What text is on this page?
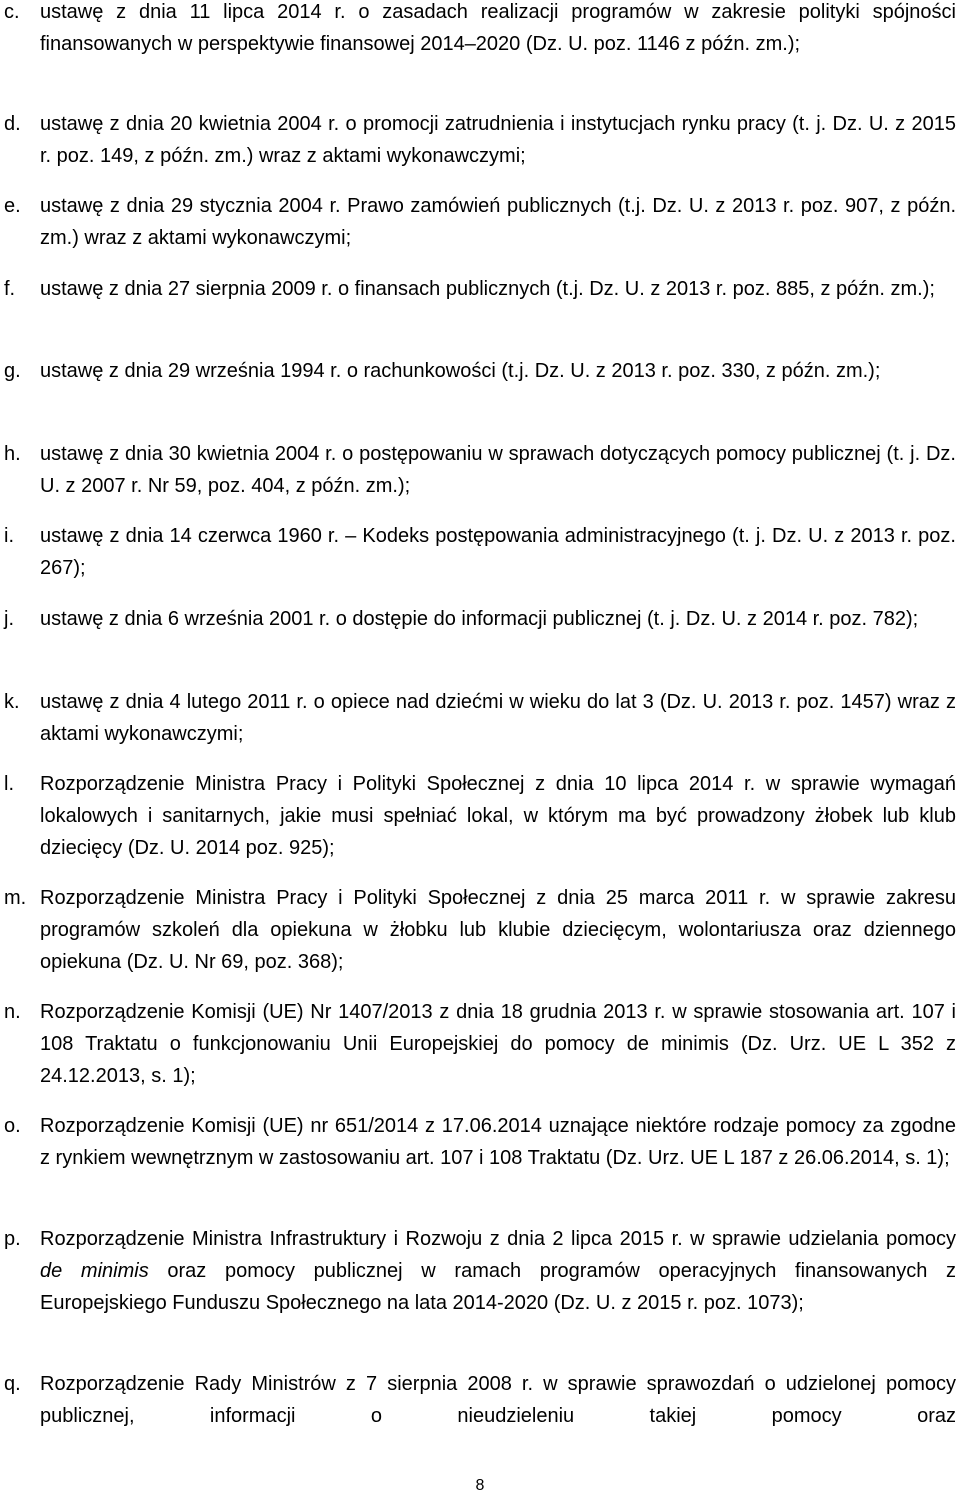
c. ustawę z dnia 11 lipca 2014 r. o zasadach realizacji programów w zakresie polityki spójności finansowanych w perspektywie finansowej 2014–2020 (Dz. U. poz. 1146 z późn. zm.);

d. ustawę z dnia 20 kwietnia 2004 r. o promocji zatrudnienia i instytucjach rynku pracy (t. j. Dz. U. z 2015 r. poz. 149, z późn. zm.) wraz z aktami wykonawczymi;

e. ustawę z dnia 29 stycznia 2004 r. Prawo zamówień publicznych (t.j. Dz. U. z 2013 r. poz. 907, z późn. zm.) wraz z aktami wykonawczymi;

f. ustawę z dnia 27 sierpnia 2009 r. o finansach publicznych (t.j. Dz. U. z 2013 r. poz. 885, z późn. zm.);

g. ustawę z dnia 29 września 1994 r. o rachunkowości (t.j. Dz. U. z 2013 r. poz. 330, z późn. zm.);

h. ustawę z dnia 30 kwietnia 2004 r. o postępowaniu w sprawach dotyczących pomocy publicznej (t. j. Dz. U. z 2007 r. Nr 59, poz. 404, z późn. zm.);

i. ustawę z dnia 14 czerwca 1960 r. – Kodeks postępowania administracyjnego (t. j. Dz. U. z 2013 r. poz. 267);

j. ustawę z dnia 6 września 2001 r. o dostępie do informacji publicznej (t. j. Dz. U. z 2014 r. poz. 782);

k. ustawę z dnia 4 lutego 2011 r. o opiece nad dziećmi w wieku do lat 3 (Dz. U. 2013 r. poz. 1457) wraz z aktami wykonawczymi;

l. Rozporządzenie Ministra Pracy i Polityki Społecznej z dnia 10 lipca 2014 r. w sprawie wymagań lokalowych i sanitarnych, jakie musi spełniać lokal, w którym ma być prowadzony żłobek lub klub dziecięcy (Dz. U. 2014 poz. 925);

m. Rozporządzenie Ministra Pracy i Polityki Społecznej z dnia 25 marca 2011 r. w sprawie zakresu programów szkoleń dla opiekuna w żłobku lub klubie dziecięcym, wolontariusza oraz dziennego opiekuna (Dz. U. Nr 69, poz. 368);

n. Rozporządzenie Komisji (UE) Nr 1407/2013 z dnia 18 grudnia 2013 r. w sprawie stosowania art. 107 i 108 Traktatu o funkcjonowaniu Unii Europejskiej do pomocy de minimis (Dz. Urz. UE L 352 z 24.12.2013, s. 1);

o. Rozporządzenie Komisji (UE) nr 651/2014 z 17.06.2014 uznające niektóre rodzaje pomocy za zgodne z rynkiem wewnętrznym w zastosowaniu art. 107 i 108 Traktatu (Dz. Urz. UE L 187 z 26.06.2014, s. 1);

p. Rozporządzenie Ministra Infrastruktury i Rozwoju z dnia 2 lipca 2015 r. w sprawie udzielania pomocy de minimis oraz pomocy publicznej w ramach programów operacyjnych finansowanych z Europejskiego Funduszu Społecznego na lata 2014-2020 (Dz. U. z 2015 r. poz. 1073);

q. Rozporządzenie Rady Ministrów z 7 sierpnia 2008 r. w sprawie sprawozdań o udzielonej pomocy publicznej, informacji o nieudzieleniu takiej pomocy oraz

8
